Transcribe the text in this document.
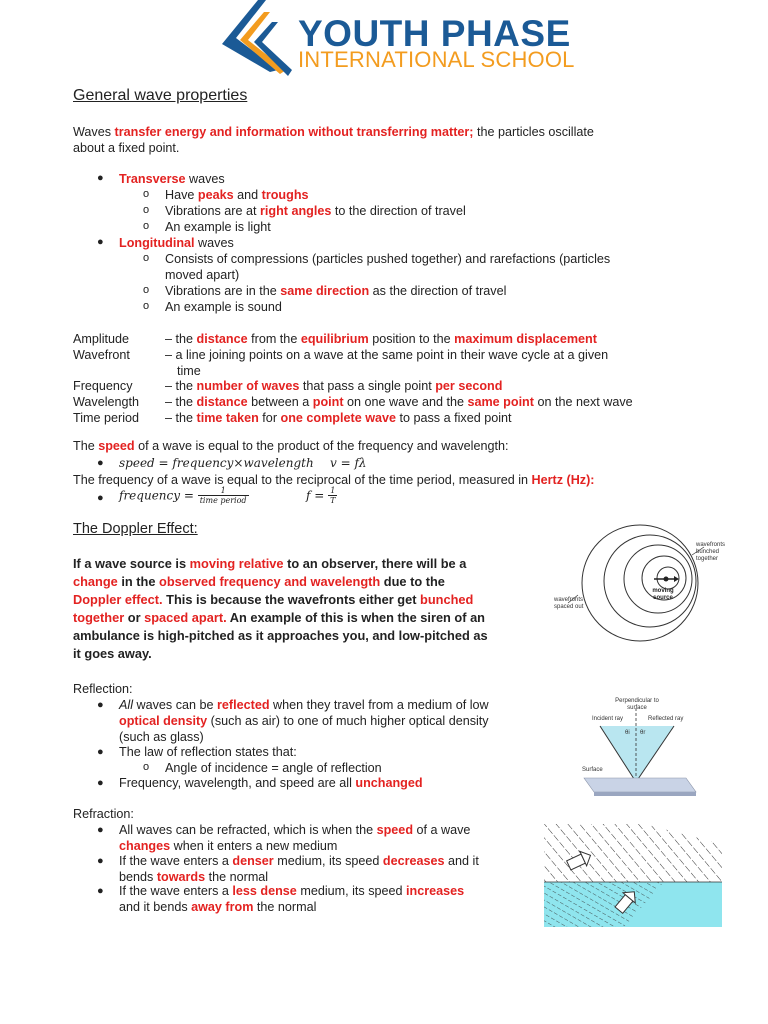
YOUTH PHASE
INTERNATIONAL SCHOOL
General wave properties
Waves transfer energy and information without transferring matter; the particles oscillate
about a fixed point.
● Transverse waves
o Have peaks and troughs
o Vibrations are at right angles to the direction of travel
o An example is light
● Longitudinal waves
o Consists of compressions (particles pushed together) and rarefactions (particles
moved apart)
o Vibrations are in the same direction as the direction of travel
o An example is sound
Amplitude	– the distance from the equilibrium position to the maximum displacement
Wavefront	– a line joining points on a wave at the same point in their wave cycle at a given
time
Frequency	– the number of waves that pass a single point per second
Wavelength – the distance between a point on one wave and the same point on the next wave
Time period – the time taken for one complete wave to pass a fixed point
The speed of a wave is equal to the product of the frequency and wavelength:
● speed = frequency×wavelength v = fλ
The frequency of a wave is equal to the reciprocal of the time period, measured in Hertz (Hz):
● frequency =	1
time period	$f = \frac{1}{T}$
The Doppler Effect:
If a wave source is moving relative to an observer, there will be a
change in the observed frequency and wavelength due to the
Doppler effect. This is because the wavefronts either get bunched
together or spaced apart. An example of this is when the siren of an
ambulance is high-pitched as it approaches you, and low-pitched as
it goes away.
wavefronts bunched together
wavefronts spaced out
moving source
Reflection:
● All waves can be reflected when they travel from a medium of low
optical density (such as air) to one of much higher optical density
(such as glass)
● The law of reflection states that:
o Angle of incidence = angle of reflection
● Frequency, wavelength, and speed are all unchanged
Perpendicular to surface
Incident ray	Reflected ray
θi θr
Surface
Refraction:
● All waves can be refracted, which is when the speed of a wave
changes when it enters a new medium
● If the wave enters a denser medium, its speed decreases and it
bends towards the normal
● If the wave enters a less dense medium, its speed increases
and it bends away from the normal
